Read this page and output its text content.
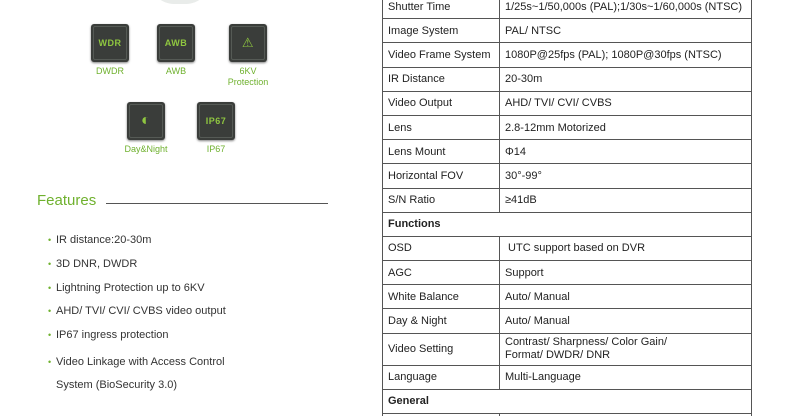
WDR
DWDR
AWB
AWB
⚠
6KV
Protection
◐
Day&Night
IP67
IP67
Features
• IR distance:20-30m
• 3D DNR, DWDR
• Lightning Protection up to 6KV
• AHD/ TVI/ CVI/ CVBS video output
• IP67 ingress protection
• Video Linkage with Access Control
System (BioSecurity 3.0)
Shutter Time	1/25s~1/50,000s (PAL);1/30s~1/60,000s (NTSC)
Image System	PAL/ NTSC
Video Frame System	1080P@25fps (PAL); 1080P@30fps (NTSC)
IR Distance	20-30m
Video Output	AHD/ TVI/ CVI/ CVBS
Lens	2.8-12mm Motorized
Lens Mount	Φ14
Horizontal FOV	30°-99°
S/N Ratio	≥41dB
Functions	
OSD	UTC support based on DVR
AGC	Support
White Balance	Auto/ Manual
Day & Night	Auto/ Manual
Video Setting	Contrast/ Sharpness/ Color Gain/
Format/ DWDR/ DNR
Language	Multi-Language
General	
